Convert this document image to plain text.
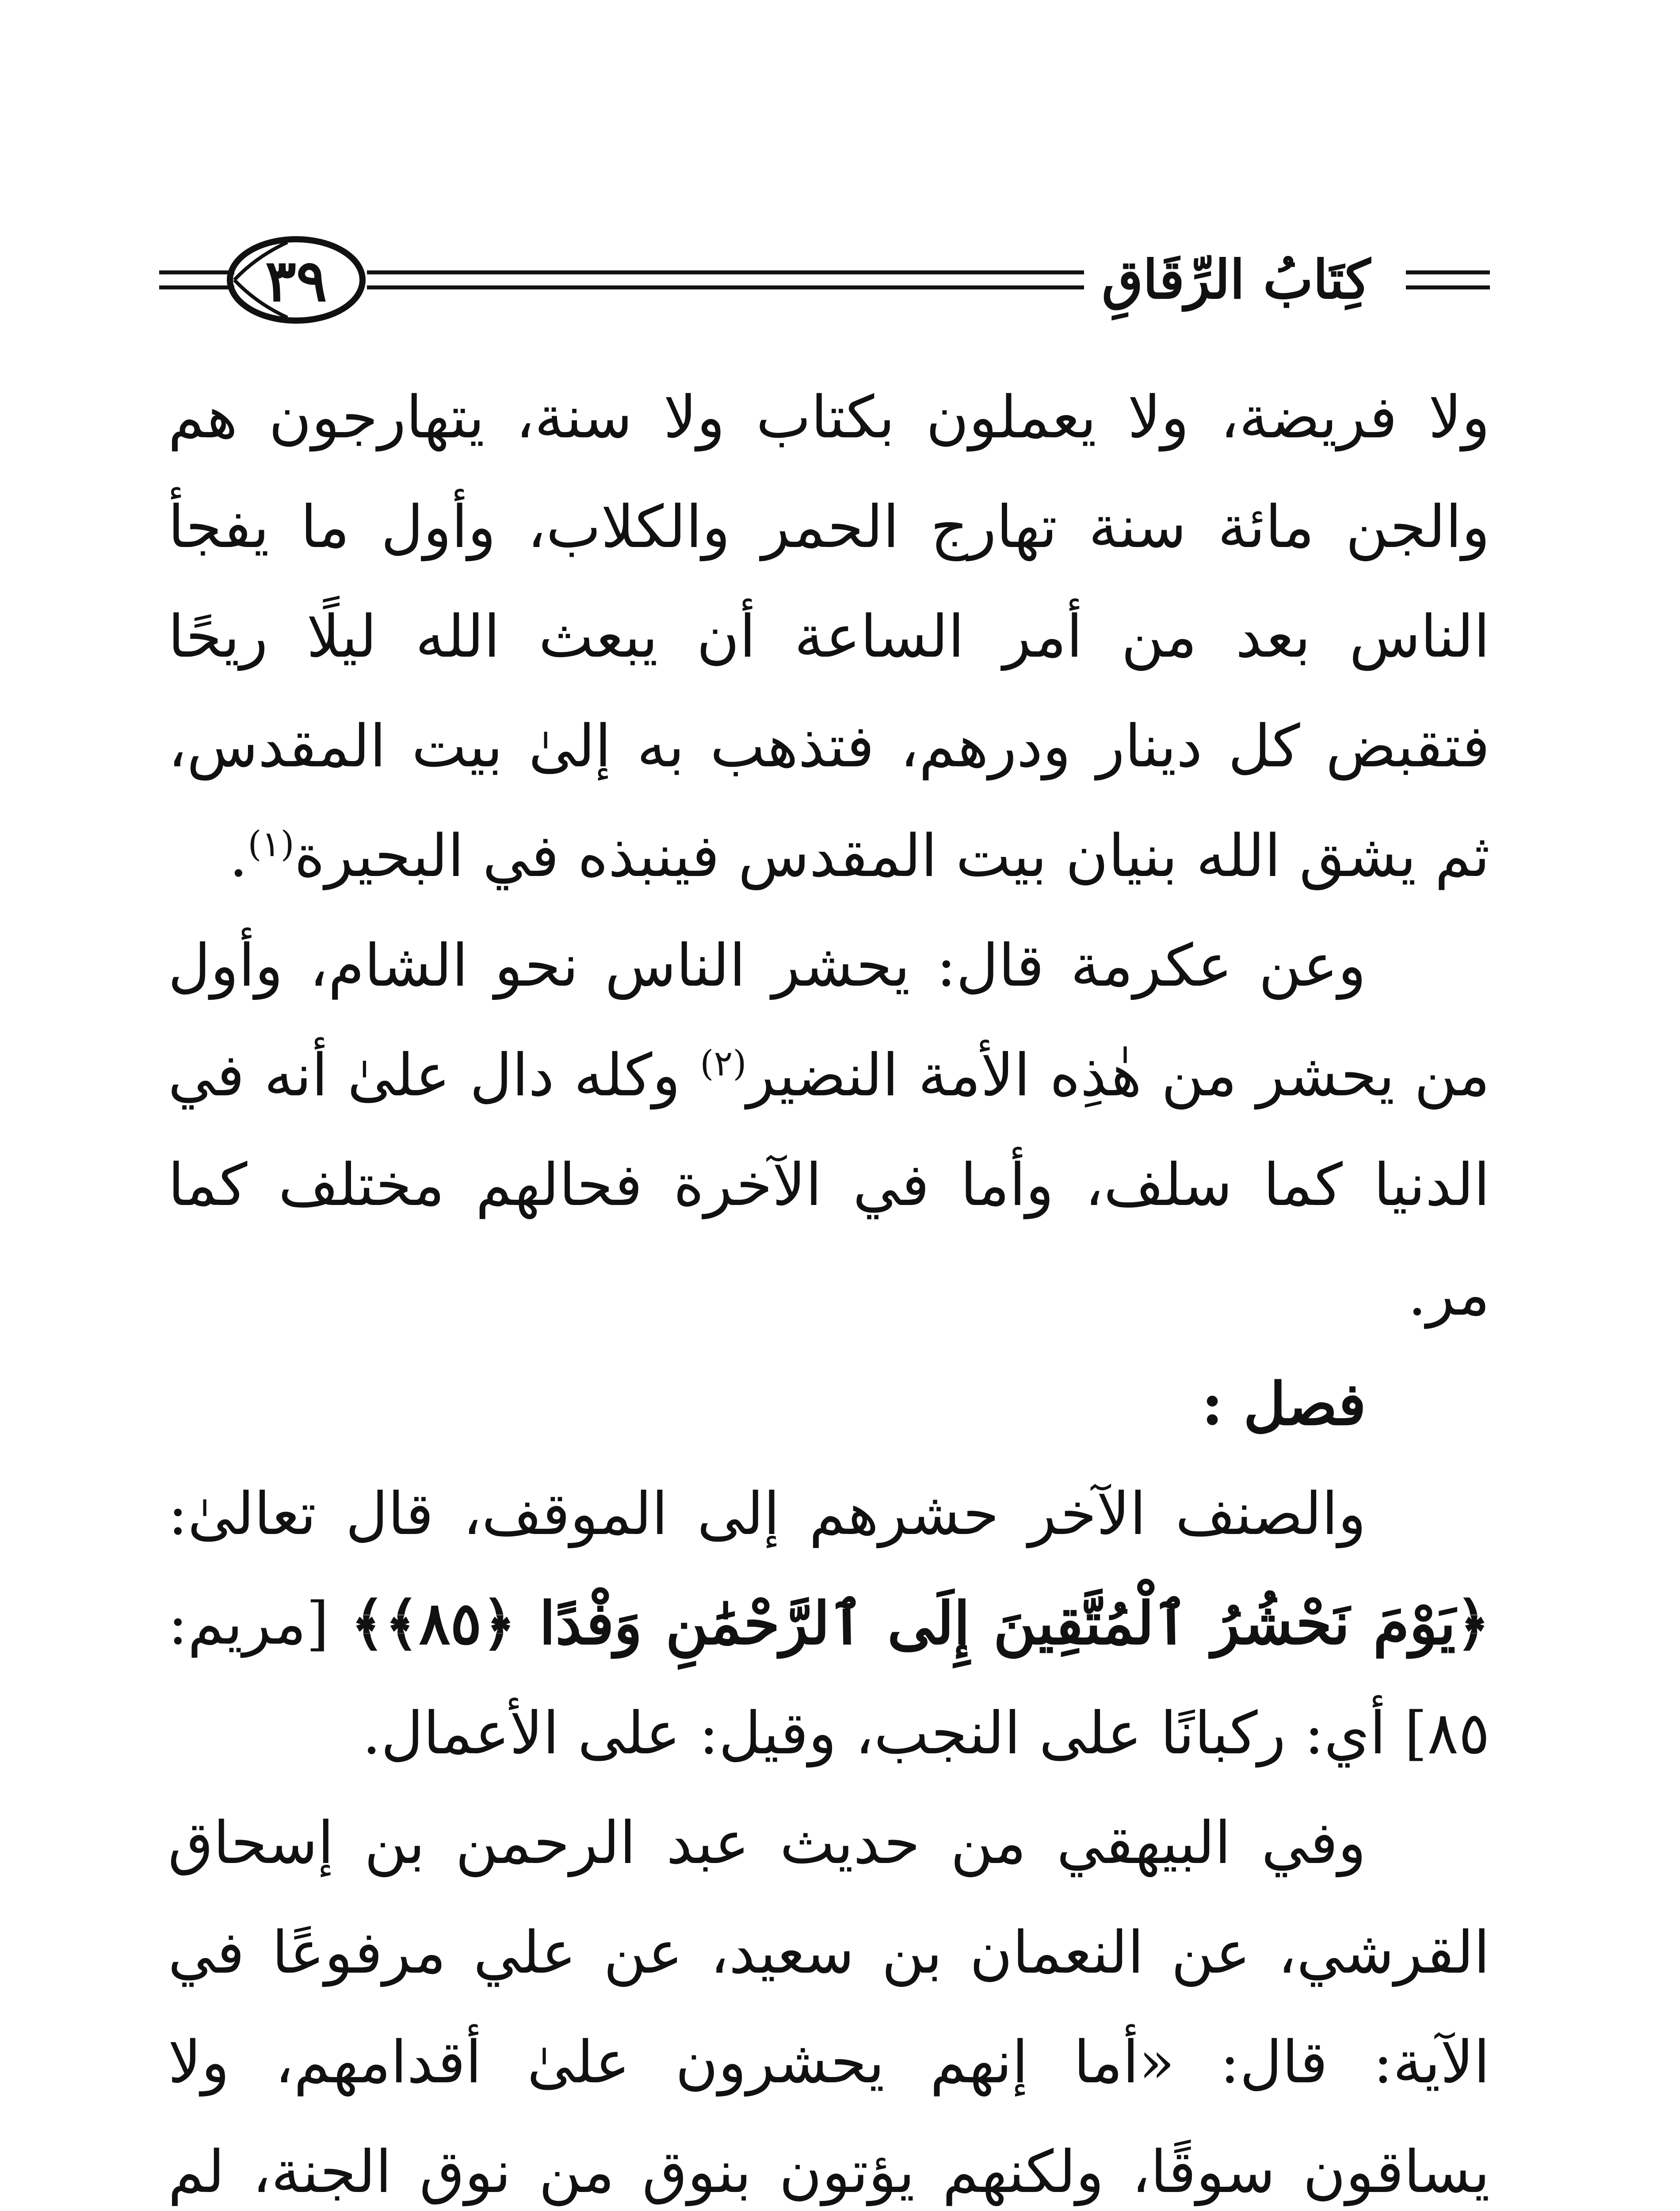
كِتَابُ الرِّقَاقِ
٣٩

ولا فريضة، ولا يعملون بكتاب ولا سنة، يتهارجون هم والجن مائة سنة تهارج الحمر والكلاب، وأول ما يفجأ الناس بعد من أمر الساعة أن يبعث الله ليلًا ريحًا فتقبض كل دينار ودرهم، فتذهب به إلىٰ بيت المقدس، ثم يشق الله بنيان بيت المقدس فينبذه في البحيرة$^{(١)}$.

وعن عكرمة قال: يحشر الناس نحو الشام، وأول من يحشر من هٰذِه الأمة النضير$^{(٢)}$ وكله دال علىٰ أنه في الدنيا كما سلف، وأما في الآخرة فحالهم مختلف كما مر.

فصل :

والصنف الآخر حشرهم إلى الموقف، قال تعالىٰ: ﴿يَوْمَ نَحْشُرُ ٱلْمُتَّقِينَ إِلَى ٱلرَّحْمَٰنِ وَفْدًا ﴿٨٥﴾﴾ [مريم: ٨٥] أي: ركبانًا على النجب، وقيل: على الأعمال.

وفي البيهقي من حديث عبد الرحمن بن إسحاق القرشي، عن النعمان بن سعيد، عن علي مرفوعًا في الآية: قال: «أما إنهم يحشرون علىٰ أقدامهم، ولا يساقون سوقًا، ولكنهم يؤتون بنوق من نوق الجنة، لم
